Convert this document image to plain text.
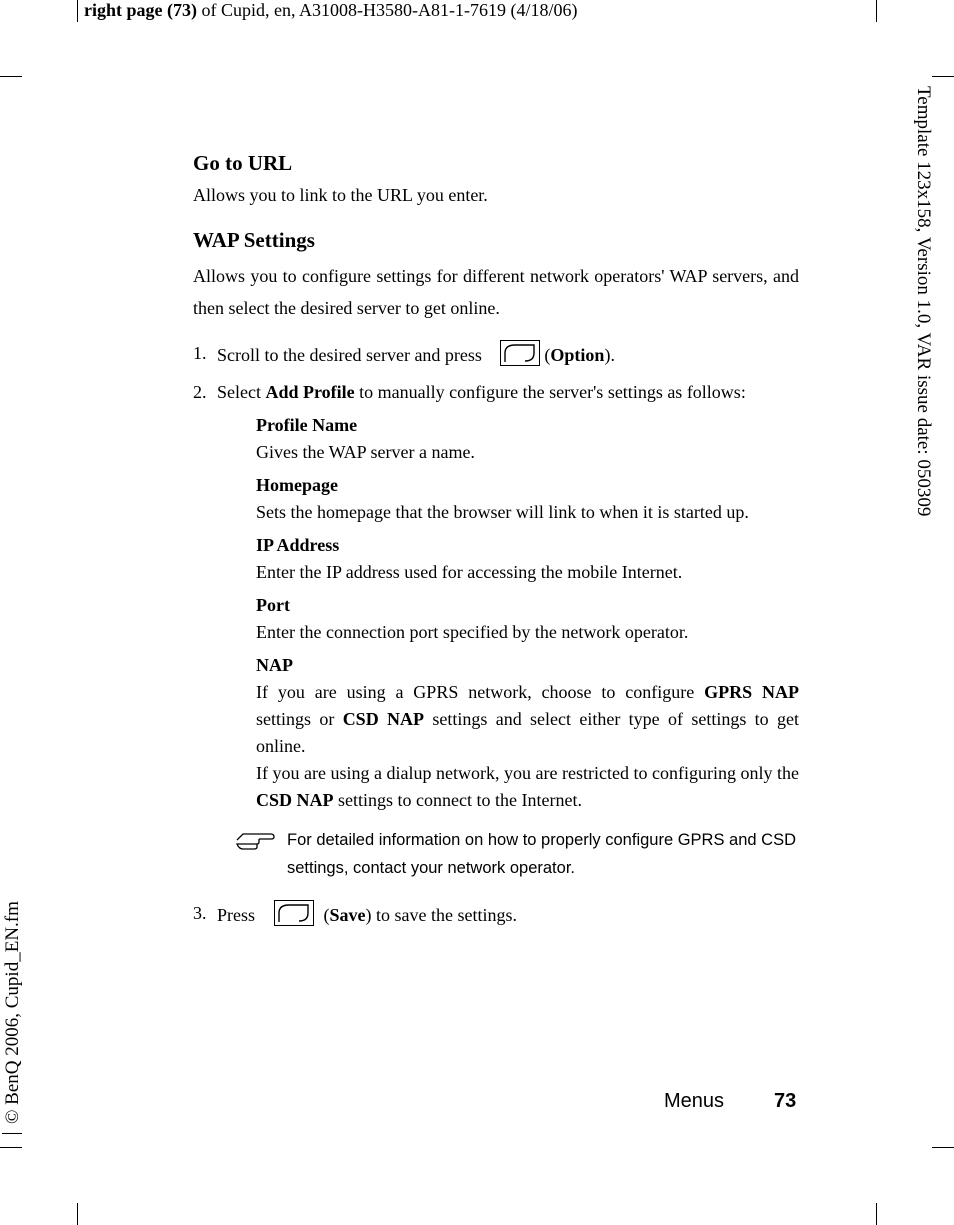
right page (73) of Cupid, en, A31008-H3580-A81-1-7619 (4/18/06)
Template 123x158, Version 1.0, VAR issue date: 050309
© BenQ 2006, Cupid_EN.fm
Go to URL

Allows you to link to the URL you enter.

WAP Settings

Allows you to configure settings for different network operators' WAP servers, and then select the desired server to get online.

1. Scroll to the desired server and press	(Option).
2. Select Add Profile to manually configure the server's settings as follows:
Profile Name

Gives the WAP server a name.

Homepage

Sets the homepage that the browser will link to when it is started up.

IP Address

Enter the IP address used for accessing the mobile Internet.

Port

Enter the connection port specified by the network operator.

NAP

If you are using a GPRS network, choose to configure GPRS NAP settings or CSD NAP settings and select either type of settings to get online.

If you are using a dialup network, you are restricted to configuring only the CSD NAP settings to connect to the Internet.

For detailed information on how to properly configure GPRS and CSD settings, contact your network operator.
3. Press	(Save) to save the settings.
Menus 73
